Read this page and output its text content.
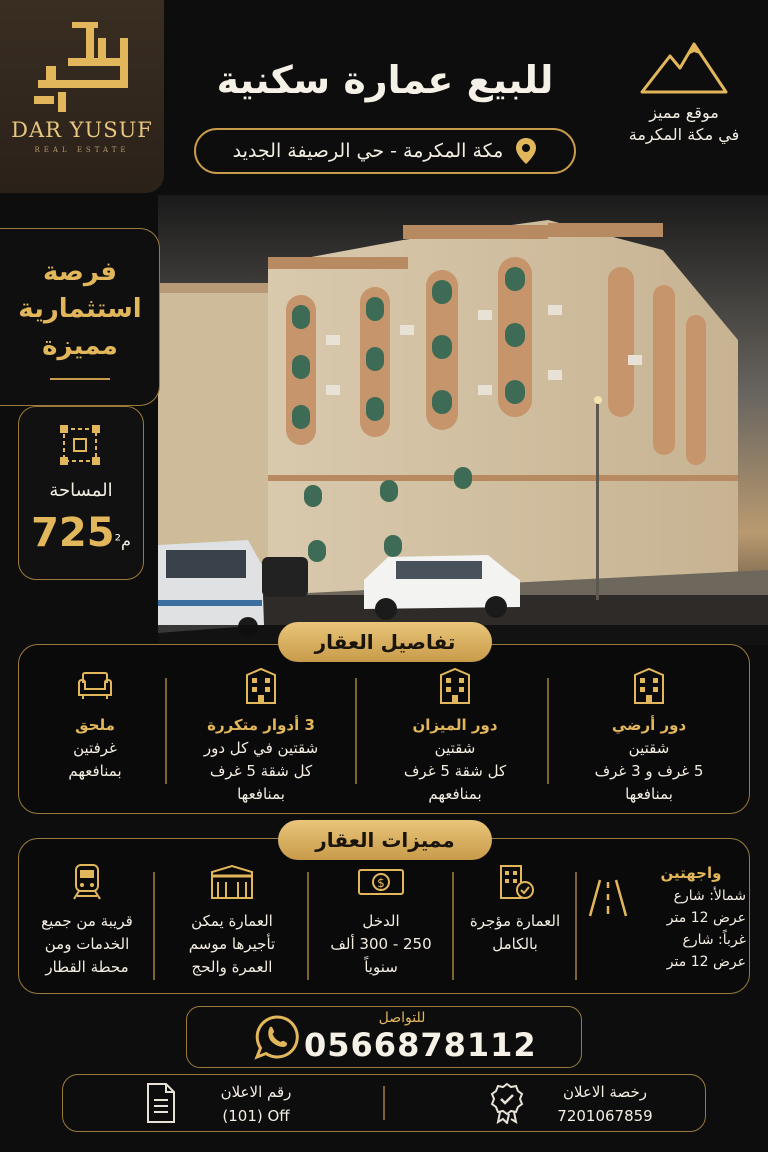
DAR YUSUF
REAL ESTATE
للبيع عمارة سكنية
مكة المكرمة - حي الرصيفة الجديد
موقع مميز
في مكة المكرمة
فرصة
استثمارية
مميزة
المساحة
725م²
تفاصيل العقار
دور أرضي
شقتين
5 غرف و 3 غرف
بمنافعها
دور الميزان
شقتين
كل شقة 5 غرف
بمنافعهم
3 أدوار متكررة
شقتين في كل دور
كل شقة 5 غرف
بمنافعها
ملحق
غرفتين
بمنافعهم
مميزات العقار
واجهتين
شمالأ: شارع
عرض 12 متر
غرباً: شارع
عرض 12 متر
العمارة مؤجرة
بالكامل
$
الدخل
250 - 300 ألف
سنوياً
العمارة يمكن
تأجيرها موسم
العمرة والحج
قريبة من جميع
الخدمات ومن
محطة القطار
للتواصل
0566878112
رخصة الاعلان
7201067859
رقم الاعلان
(101) Off
